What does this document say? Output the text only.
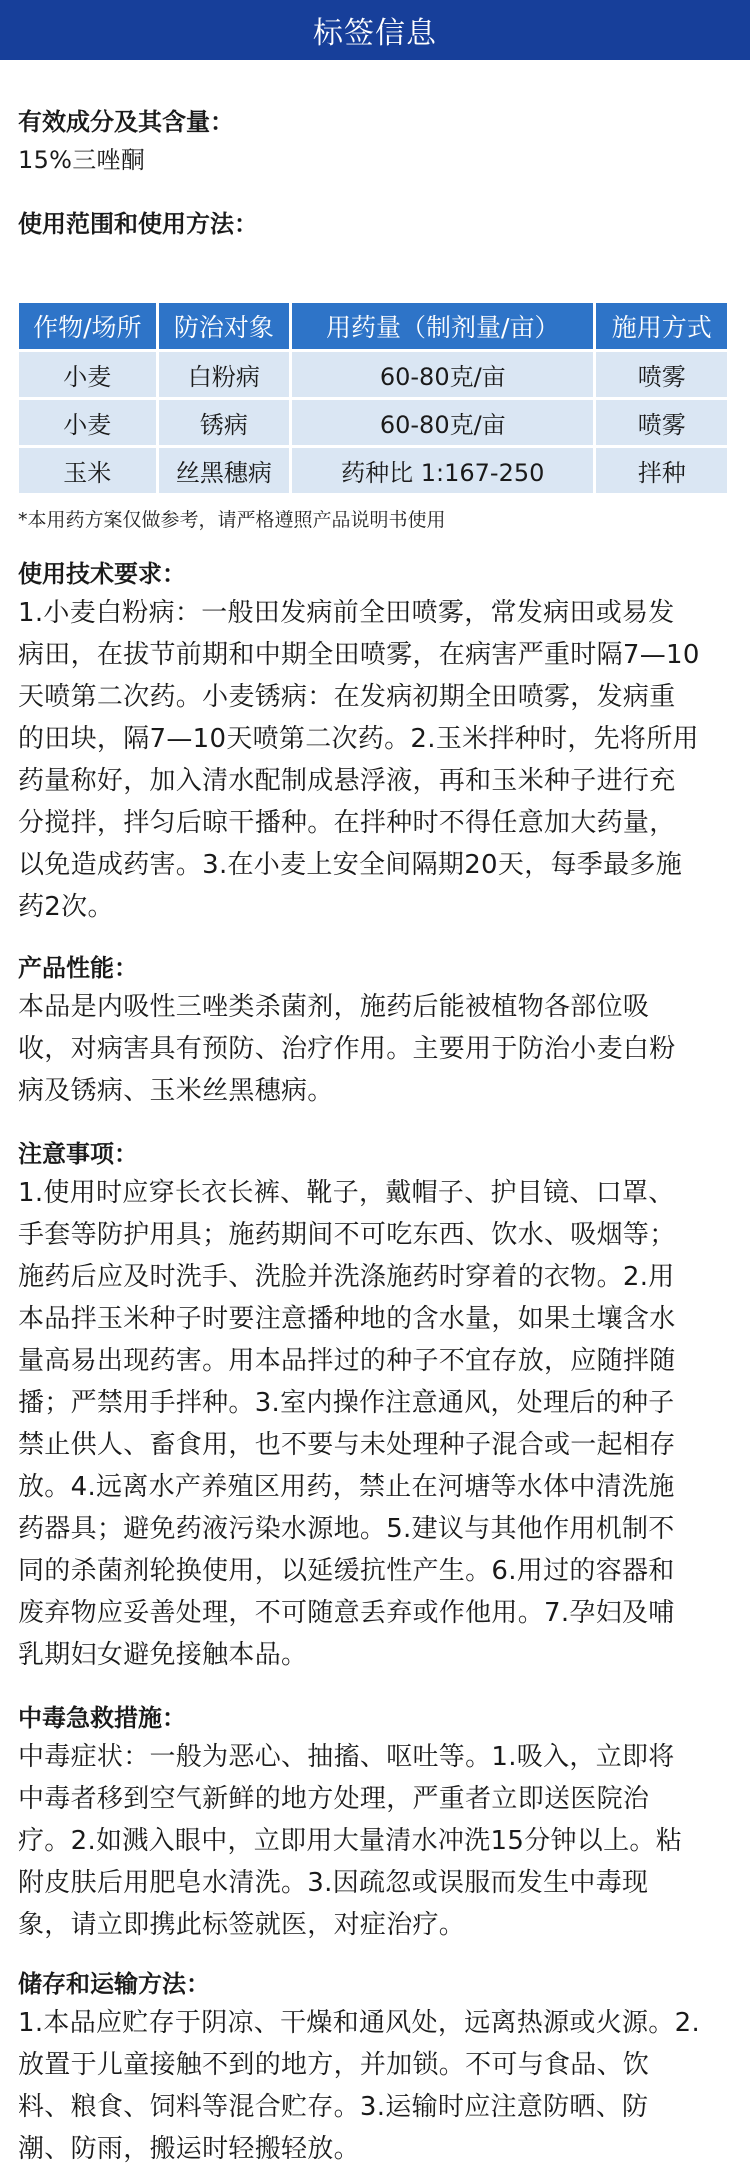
标签信息
有效成分及其含量：
15%三唑酮
使用范围和使用方法：
作物/场所	防治对象	用药量（制剂量/亩）	施用方式
小麦	白粉病	60-80克/亩	喷雾
小麦	锈病	60-80克/亩	喷雾
玉米	丝黑穗病	药种比 1:167-250	拌种
*本用药方案仅做参考，请严格遵照产品说明书使用
使用技术要求：
1.小麦白粉病：一般田发病前全田喷雾，常发病田或易发
病田，在拔节前期和中期全田喷雾，在病害严重时隔7—10
天喷第二次药。小麦锈病：在发病初期全田喷雾，发病重
的田块，隔7—10天喷第二次药。2.玉米拌种时，先将所用
药量称好，加入清水配制成悬浮液，再和玉米种子进行充
分搅拌，拌匀后晾干播种。在拌种时不得任意加大药量，
以免造成药害。3.在小麦上安全间隔期20天，每季最多施
药2次。
产品性能：
本品是内吸性三唑类杀菌剂，施药后能被植物各部位吸
收，对病害具有预防、治疗作用。主要用于防治小麦白粉
病及锈病、玉米丝黑穗病。
注意事项：
1.使用时应穿长衣长裤、靴子，戴帽子、护目镜、口罩、
手套等防护用具；施药期间不可吃东西、饮水、吸烟等；
施药后应及时洗手、洗脸并洗涤施药时穿着的衣物。2.用
本品拌玉米种子时要注意播种地的含水量，如果土壤含水
量高易出现药害。用本品拌过的种子不宜存放，应随拌随
播；严禁用手拌种。3.室内操作注意通风，处理后的种子
禁止供人、畜食用，也不要与未处理种子混合或一起相存
放。4.远离水产养殖区用药，禁止在河塘等水体中清洗施
药器具；避免药液污染水源地。5.建议与其他作用机制不
同的杀菌剂轮换使用，以延缓抗性产生。6.用过的容器和
废弃物应妥善处理，不可随意丢弃或作他用。7.孕妇及哺
乳期妇女避免接触本品。
中毒急救措施：
中毒症状：一般为恶心、抽搐、呕吐等。1.吸入，立即将
中毒者移到空气新鲜的地方处理，严重者立即送医院治
疗。2.如溅入眼中，立即用大量清水冲洗15分钟以上。粘
附皮肤后用肥皂水清洗。3.因疏忽或误服而发生中毒现
象，请立即携此标签就医，对症治疗。
储存和运输方法：
1.本品应贮存于阴凉、干燥和通风处，远离热源或火源。2.
放置于儿童接触不到的地方，并加锁。不可与食品、饮
料、粮食、饲料等混合贮存。3.运输时应注意防晒、防
潮、防雨，搬运时轻搬轻放。
